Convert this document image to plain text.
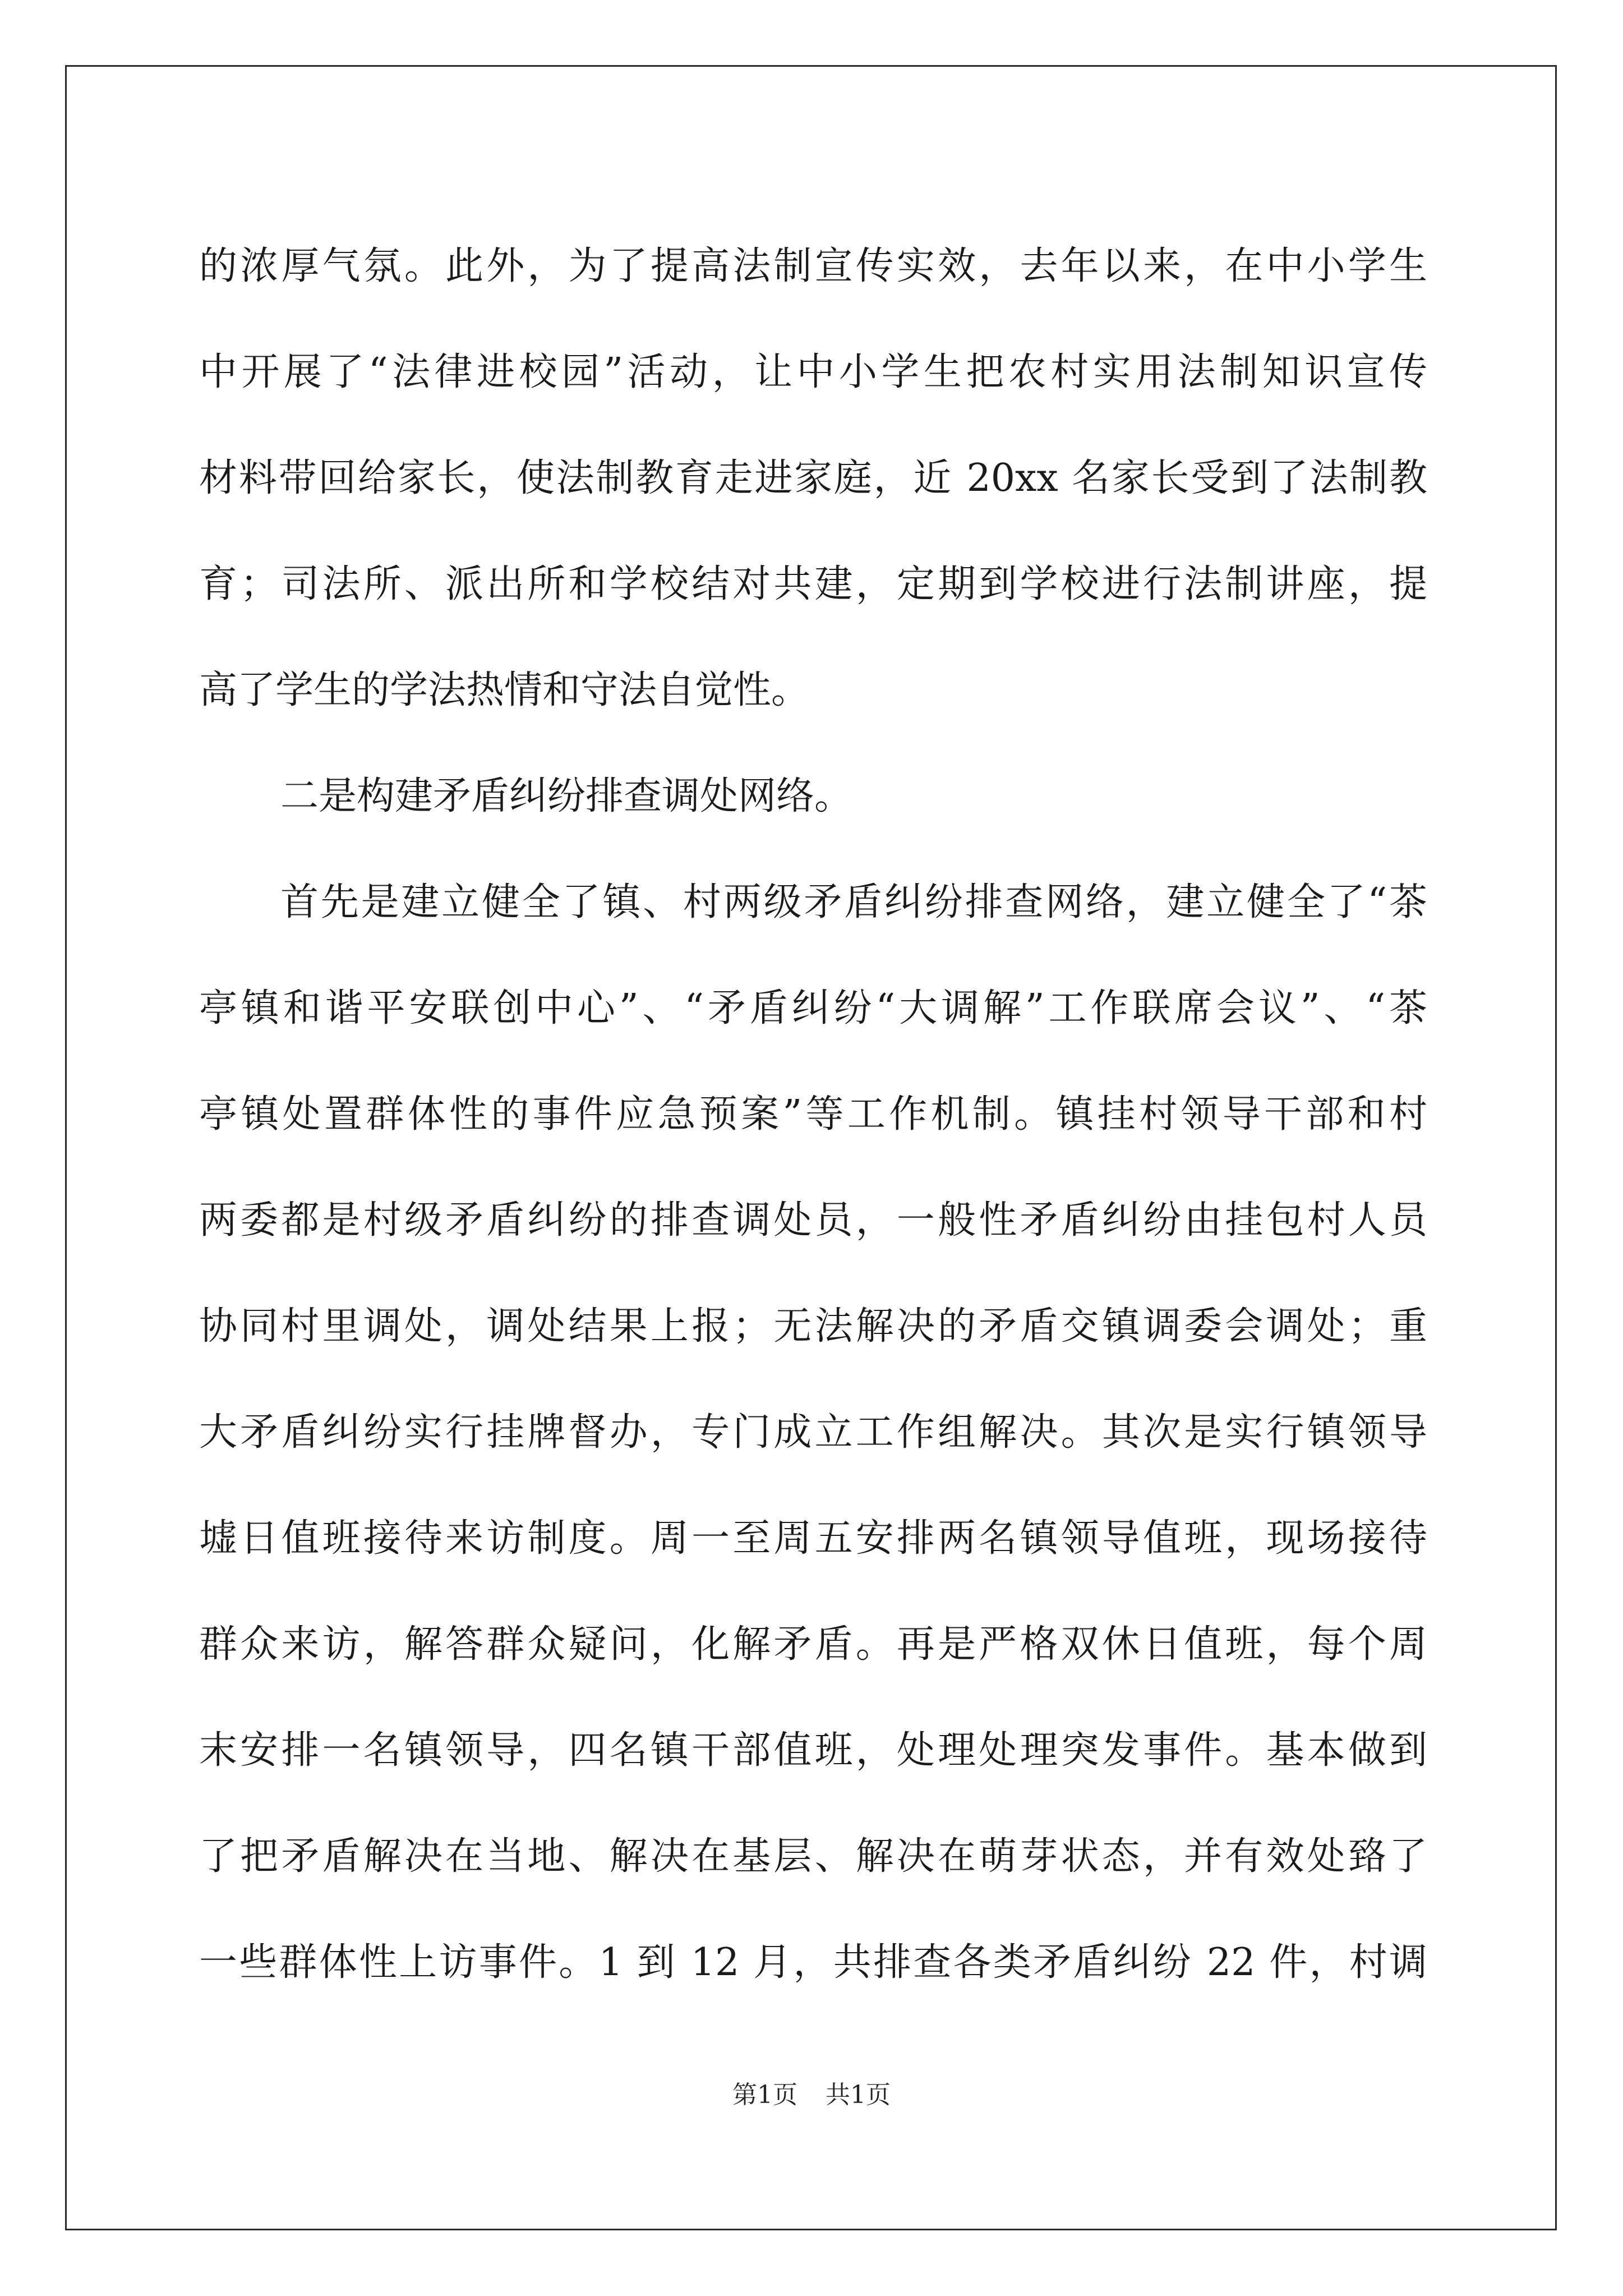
的浓厚气氛。此外，为了提高法制宣传实效，去年以来，在中小学生
中开展了“法律进校园”活动，让中小学生把农村实用法制知识宣传
材料带回给家长，使法制教育走进家庭，近 20xx 名家长受到了法制教
育；司法所、派出所和学校结对共建，定期到学校进行法制讲座，提
高了学生的学法热情和守法自觉性。
二是构建矛盾纠纷排查调处网络。
首先是建立健全了镇、村两级矛盾纠纷排查网络，建立健全了“茶
亭镇和谐平安联创中心”、“矛盾纠纷“大调解”工作联席会议”、“茶
亭镇处置群体性的事件应急预案”等工作机制。镇挂村领导干部和村
两委都是村级矛盾纠纷的排查调处员，一般性矛盾纠纷由挂包村人员
协同村里调处，调处结果上报；无法解决的矛盾交镇调委会调处；重
大矛盾纠纷实行挂牌督办，专门成立工作组解决。其次是实行镇领导
墟日值班接待来访制度。周一至周五安排两名镇领导值班，现场接待
群众来访，解答群众疑问，化解矛盾。再是严格双休日值班，每个周
末安排一名镇领导，四名镇干部值班，处理处理突发事件。基本做到
了把矛盾解决在当地、解决在基层、解决在萌芽状态，并有效处臵了
一些群体性上访事件。1 到 12 月，共排查各类矛盾纠纷 22 件，村调
第1页 共1页
